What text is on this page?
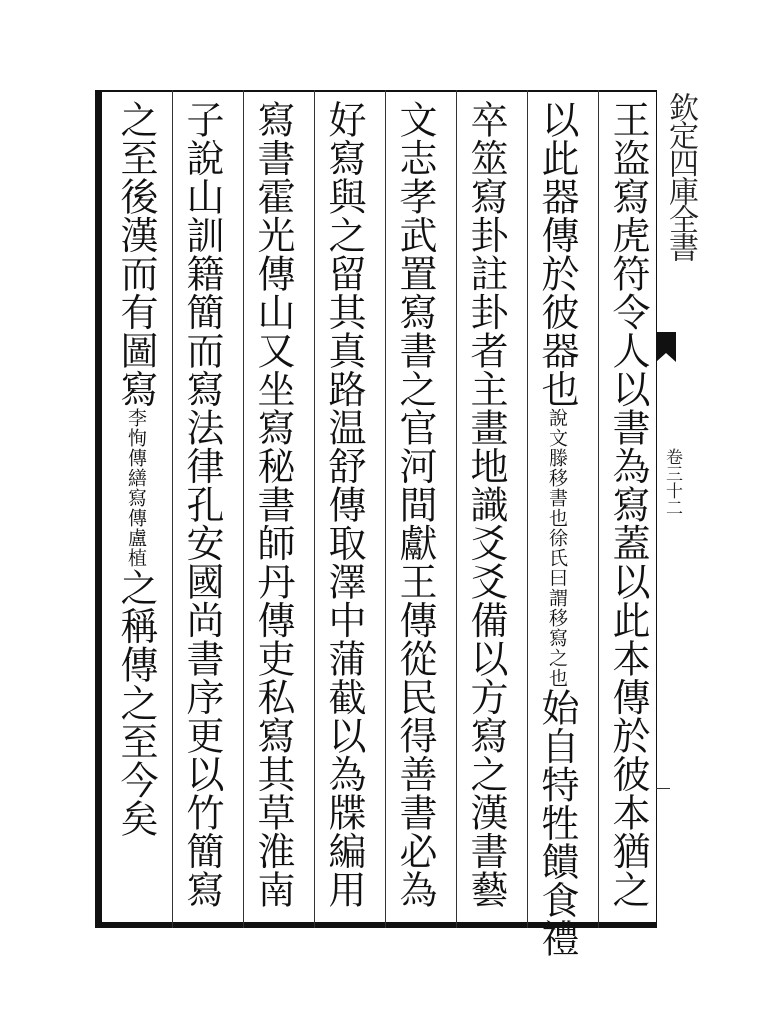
王盗寫虎符令人以書為寫蓋以此本傳於彼本猶之
以此器傳於彼器也說文滕移書也徐氏曰謂移寫之也始自特牲饋食禮
卒筮寫卦註卦者主畫地識爻爻備以方寫之漢書藝
文志孝武置寫書之官河間獻王傳從民得善書必為
好寫與之留其真路温舒傳取澤中蒲截以為牒編用
寫書霍光傳山又坐寫秘書師丹傳吏私寫其草淮南
子說山訓籍簡而寫法律孔安國尚書序更以竹簡寫
之至後漢而有圖寫李恂傳繕寫傳盧植之稱傳之至今矣
欽定四庫全書
卷三十二
